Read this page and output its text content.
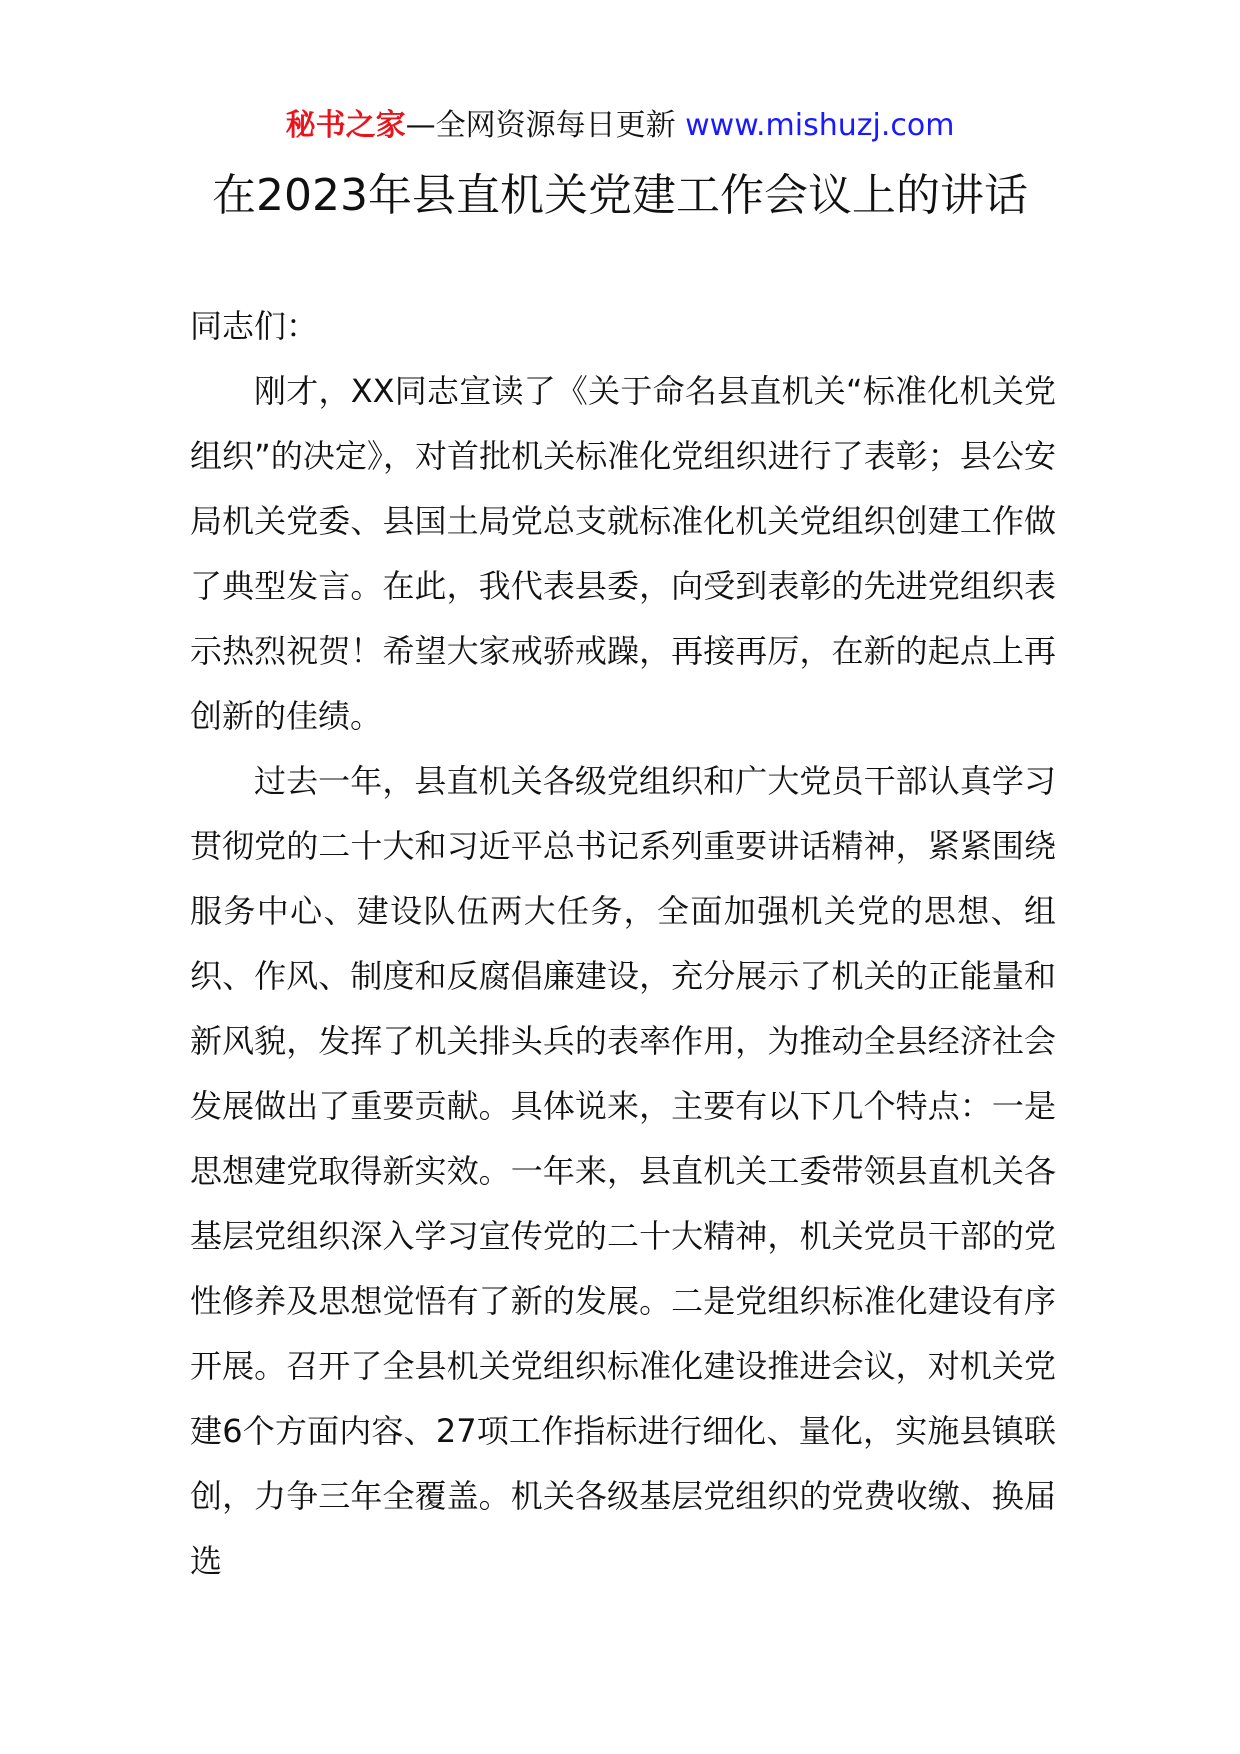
秘书之家—全网资源每日更新 www.mishuzj.com
在2023年县直机关党建工作会议上的讲话

同志们：

刚才，XX同志宣读了《关于命名县直机关“标准化机关党组织”的决定》，对首批机关标准化党组织进行了表彰；县公安局机关党委、县国土局党总支就标准化机关党组织创建工作做了典型发言。在此，我代表县委，向受到表彰的先进党组织表示热烈祝贺！希望大家戒骄戒躁，再接再厉，在新的起点上再创新的佳绩。

过去一年，县直机关各级党组织和广大党员干部认真学习贯彻党的二十大和习近平总书记系列重要讲话精神，紧紧围绕服务中心、建设队伍两大任务，全面加强机关党的思想、组织、作风、制度和反腐倡廉建设，充分展示了机关的正能量和新风貌，发挥了机关排头兵的表率作用，为推动全县经济社会发展做出了重要贡献。具体说来，主要有以下几个特点：一是思想建党取得新实效。一年来，县直机关工委带领县直机关各基层党组织深入学习宣传党的二十大精神，机关党员干部的党性修养及思想觉悟有了新的发展。二是党组织标准化建设有序开展。召开了全县机关党组织标准化建设推进会议，对机关党建6个方面内容、27项工作指标进行细化、量化，实施县镇联创，力争三年全覆盖。机关各级基层党组织的党费收缴、换届选
